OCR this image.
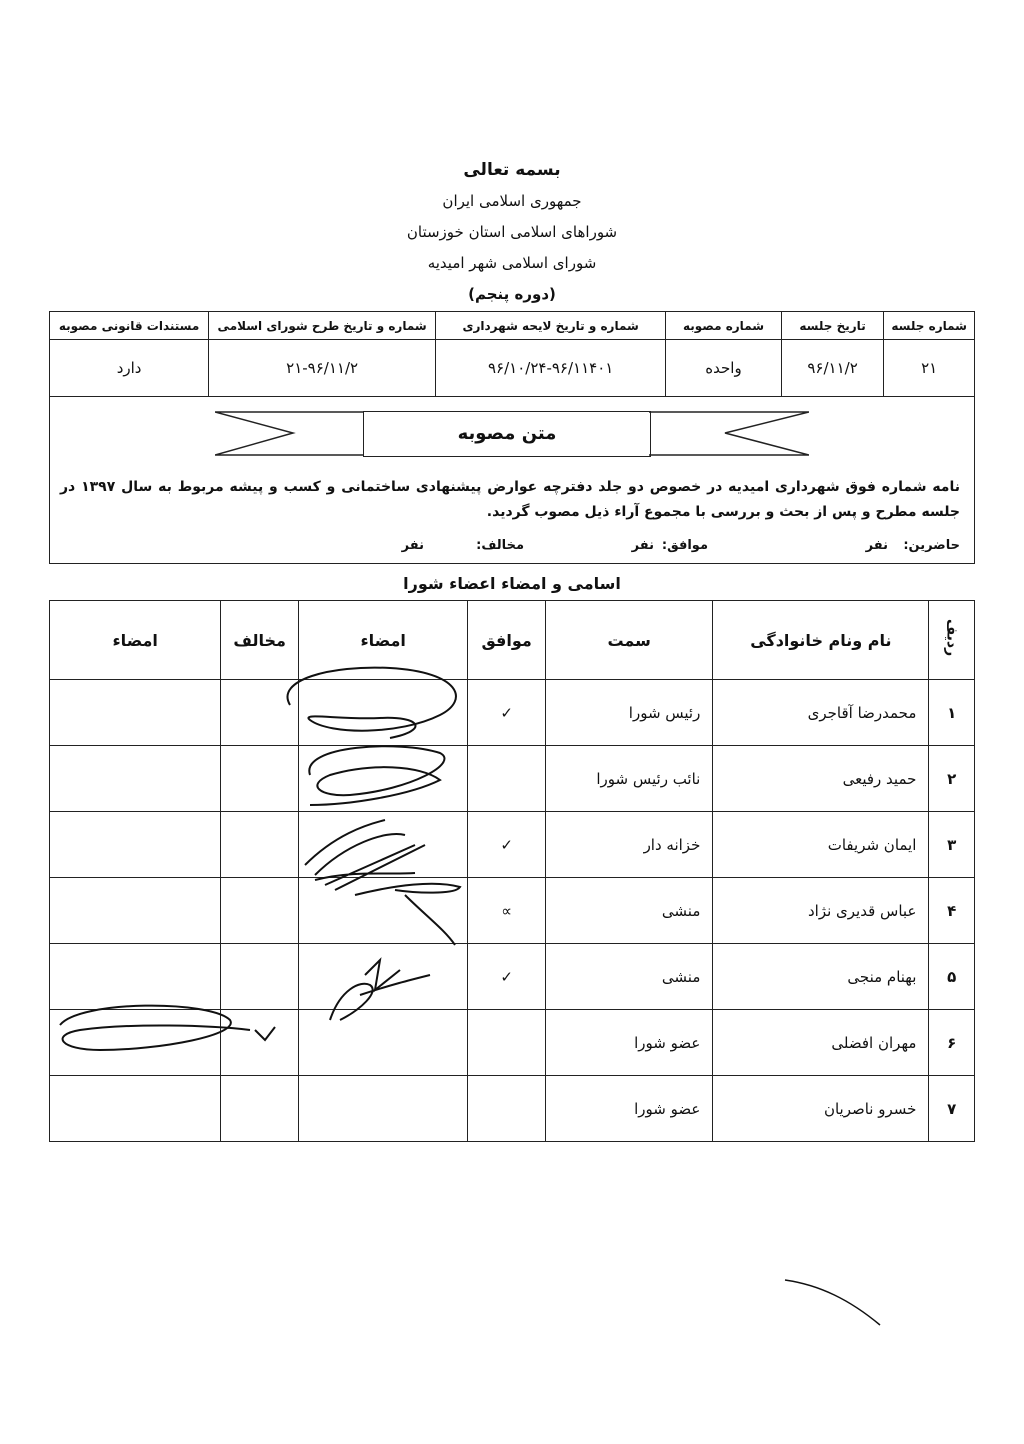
بسمه تعالی
جمهوری اسلامی ایران
شوراهای اسلامی استان خوزستان
شورای اسلامی شهر امیدیه
(دوره پنجم)
شماره جلسه	تاریخ جلسه	شماره مصوبه	شماره و تاریخ لایحه شهرداری	شماره و تاریخ طرح شورای اسلامی	مستندات قانونی مصوبه
۲۱	۹۶/۱۱/۲	واحده	۹۶/۱۰/۲۴-۹۶/۱۱۴۰۱	۲۱-۹۶/۱۱/۲	دارد
متن مصوبه
نامه شماره فوق شهرداری امیدیه در خصوص دو جلد دفترچه عوارض پیشنهادی ساختمانی و کسب و پیشه مربوط به سال ۱۳۹۷ در جلسه مطرح و پس از بحث و بررسی با مجموع آراء ذیل مصوب گردید.
حاضرین:
نفر
موافق:
نفر
مخالف:
نفر
اسامی و امضاء اعضاء شورا
ردیف	نام ونام خانوادگی	سمت	موافق	امضاء	مخالف	امضاء
۱	محمدرضا آقاجری	رئیس شورا	✓			
۲	حمید رفیعی	نائب رئیس شورا				
۳	ایمان شریفات	خزانه دار	✓			
۴	عباس قدیری نژاد	منشی	∝			
۵	بهنام منجی	منشی	✓			
۶	مهران افضلی	عضو شورا				
۷	خسرو ناصریان	عضو شورا				
